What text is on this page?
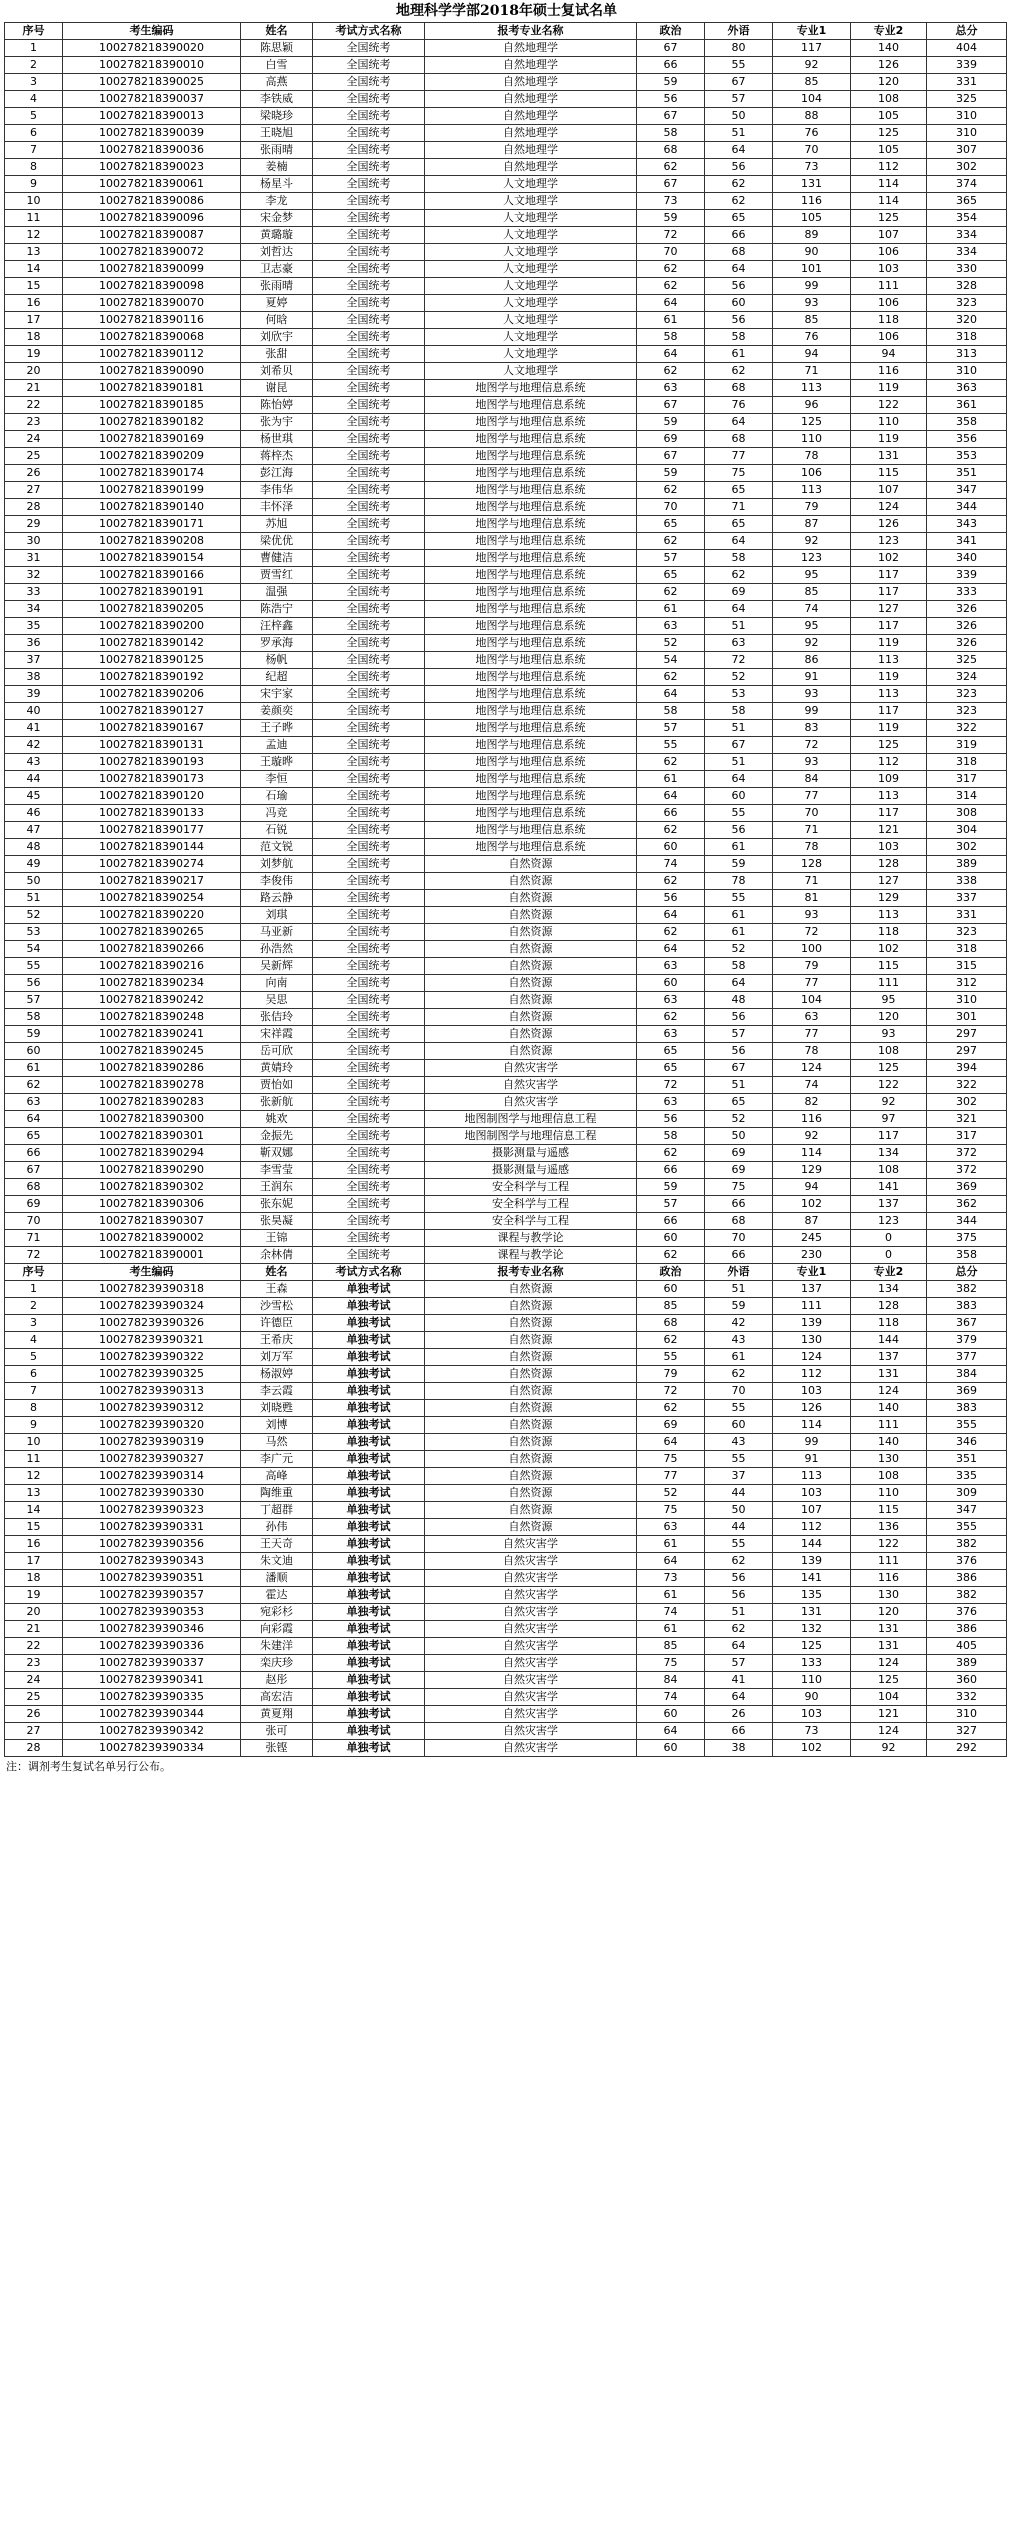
地理科学学部2018年硕士复试名单
序号	考生编码	姓名	考试方式名称	报考专业名称	政治	外语	专业1	专业2	总分
1	100278218390020	陈思颖	全国统考	自然地理学	67	80	117	140	404
2	100278218390010	白雪	全国统考	自然地理学	66	55	92	126	339
3	100278218390025	高燕	全国统考	自然地理学	59	67	85	120	331
4	100278218390037	李铁威	全国统考	自然地理学	56	57	104	108	325
5	100278218390013	梁晓珍	全国统考	自然地理学	67	50	88	105	310
6	100278218390039	王晓旭	全国统考	自然地理学	58	51	76	125	310
7	100278218390036	张雨晴	全国统考	自然地理学	68	64	70	105	307
8	100278218390023	姜楠	全国统考	自然地理学	62	56	73	112	302
9	100278218390061	杨星斗	全国统考	人文地理学	67	62	131	114	374
10	100278218390086	李龙	全国统考	人文地理学	73	62	116	114	365
11	100278218390096	宋金梦	全国统考	人文地理学	59	65	105	125	354
12	100278218390087	黄璐璇	全国统考	人文地理学	72	66	89	107	334
13	100278218390072	刘哲达	全国统考	人文地理学	70	68	90	106	334
14	100278218390099	卫志豪	全国统考	人文地理学	62	64	101	103	330
15	100278218390098	张雨晴	全国统考	人文地理学	62	56	99	111	328
16	100278218390070	夏婷	全国统考	人文地理学	64	60	93	106	323
17	100278218390116	何晗	全国统考	人文地理学	61	56	85	118	320
18	100278218390068	刘欣宇	全国统考	人文地理学	58	58	76	106	318
19	100278218390112	张甜	全国统考	人文地理学	64	61	94	94	313
20	100278218390090	刘希贝	全国统考	人文地理学	62	62	71	116	310
21	100278218390181	谢昆	全国统考	地图学与地理信息系统	63	68	113	119	363
22	100278218390185	陈怡婷	全国统考	地图学与地理信息系统	67	76	96	122	361
23	100278218390182	张为宇	全国统考	地图学与地理信息系统	59	64	125	110	358
24	100278218390169	杨世琪	全国统考	地图学与地理信息系统	69	68	110	119	356
25	100278218390209	蒋梓杰	全国统考	地图学与地理信息系统	67	77	78	131	353
26	100278218390174	彭江海	全国统考	地图学与地理信息系统	59	75	106	115	351
27	100278218390199	李伟华	全国统考	地图学与地理信息系统	62	65	113	107	347
28	100278218390140	丰怀泽	全国统考	地图学与地理信息系统	70	71	79	124	344
29	100278218390171	苏旭	全国统考	地图学与地理信息系统	65	65	87	126	343
30	100278218390208	梁优优	全国统考	地图学与地理信息系统	62	64	92	123	341
31	100278218390154	曹健洁	全国统考	地图学与地理信息系统	57	58	123	102	340
32	100278218390166	贾雪红	全国统考	地图学与地理信息系统	65	62	95	117	339
33	100278218390191	温强	全国统考	地图学与地理信息系统	62	69	85	117	333
34	100278218390205	陈浩宁	全国统考	地图学与地理信息系统	61	64	74	127	326
35	100278218390200	汪梓鑫	全国统考	地图学与地理信息系统	63	51	95	117	326
36	100278218390142	罗承海	全国统考	地图学与地理信息系统	52	63	92	119	326
37	100278218390125	杨帆	全国统考	地图学与地理信息系统	54	72	86	113	325
38	100278218390192	纪超	全国统考	地图学与地理信息系统	62	52	91	119	324
39	100278218390206	宋宇家	全国统考	地图学与地理信息系统	64	53	93	113	323
40	100278218390127	姜颜奕	全国统考	地图学与地理信息系统	58	58	99	117	323
41	100278218390167	王子晔	全国统考	地图学与地理信息系统	57	51	83	119	322
42	100278218390131	孟迪	全国统考	地图学与地理信息系统	55	67	72	125	319
43	100278218390193	王璇晔	全国统考	地图学与地理信息系统	62	51	93	112	318
44	100278218390173	李恒	全国统考	地图学与地理信息系统	61	64	84	109	317
45	100278218390120	石瑜	全国统考	地图学与地理信息系统	64	60	77	113	314
46	100278218390133	冯竞	全国统考	地图学与地理信息系统	66	55	70	117	308
47	100278218390177	石锐	全国统考	地图学与地理信息系统	62	56	71	121	304
48	100278218390144	范文锐	全国统考	地图学与地理信息系统	60	61	78	103	302
49	100278218390274	刘梦航	全国统考	自然资源	74	59	128	128	389
50	100278218390217	李俊伟	全国统考	自然资源	62	78	71	127	338
51	100278218390254	路云静	全国统考	自然资源	56	55	81	129	337
52	100278218390220	刘琪	全国统考	自然资源	64	61	93	113	331
53	100278218390265	马亚新	全国统考	自然资源	62	61	72	118	323
54	100278218390266	孙浩然	全国统考	自然资源	64	52	100	102	318
55	100278218390216	吴新辉	全国统考	自然资源	63	58	79	115	315
56	100278218390234	向南	全国统考	自然资源	60	64	77	111	312
57	100278218390242	吴思	全国统考	自然资源	63	48	104	95	310
58	100278218390248	张佶玲	全国统考	自然资源	62	56	63	120	301
59	100278218390241	宋祥霞	全国统考	自然资源	63	57	77	93	297
60	100278218390245	岳可欣	全国统考	自然资源	65	56	78	108	297
61	100278218390286	黄婧玲	全国统考	自然灾害学	65	67	124	125	394
62	100278218390278	贾怡如	全国统考	自然灾害学	72	51	74	122	322
63	100278218390283	张新航	全国统考	自然灾害学	63	65	82	92	302
64	100278218390300	姚欢	全国统考	地图制图学与地理信息工程	56	52	116	97	321
65	100278218390301	金振先	全国统考	地图制图学与地理信息工程	58	50	92	117	317
66	100278218390294	靳双娜	全国统考	摄影测量与遥感	62	69	114	134	372
67	100278218390290	李雪莹	全国统考	摄影测量与遥感	66	69	129	108	372
68	100278218390302	王润东	全国统考	安全科学与工程	59	75	94	141	369
69	100278218390306	张东妮	全国统考	安全科学与工程	57	66	102	137	362
70	100278218390307	张昊凝	全国统考	安全科学与工程	66	68	87	123	344
71	100278218390002	王锦	全国统考	课程与教学论	60	70	245	0	375
72	100278218390001	余林倩	全国统考	课程与教学论	62	66	230	0	358
序号	考生编码	姓名	考试方式名称	报考专业名称	政治	外语	专业1	专业2	总分
1	100278239390318	王森	单独考试	自然资源	60	51	137	134	382
2	100278239390324	沙雪松	单独考试	自然资源	85	59	111	128	383
3	100278239390326	许德臣	单独考试	自然资源	68	42	139	118	367
4	100278239390321	王希庆	单独考试	自然资源	62	43	130	144	379
5	100278239390322	刘万军	单独考试	自然资源	55	61	124	137	377
6	100278239390325	杨淑婷	单独考试	自然资源	79	62	112	131	384
7	100278239390313	李云霞	单独考试	自然资源	72	70	103	124	369
8	100278239390312	刘晓甦	单独考试	自然资源	62	55	126	140	383
9	100278239390320	刘博	单独考试	自然资源	69	60	114	111	355
10	100278239390319	马然	单独考试	自然资源	64	43	99	140	346
11	100278239390327	李广元	单独考试	自然资源	75	55	91	130	351
12	100278239390314	高峰	单独考试	自然资源	77	37	113	108	335
13	100278239390330	陶维重	单独考试	自然资源	52	44	103	110	309
14	100278239390323	丁超群	单独考试	自然资源	75	50	107	115	347
15	100278239390331	孙伟	单独考试	自然资源	63	44	112	136	355
16	100278239390356	王天奇	单独考试	自然灾害学	61	55	144	122	382
17	100278239390343	朱文迪	单独考试	自然灾害学	64	62	139	111	376
18	100278239390351	潘顺	单独考试	自然灾害学	73	56	141	116	386
19	100278239390357	霍达	单独考试	自然灾害学	61	56	135	130	382
20	100278239390353	宛彩杉	单独考试	自然灾害学	74	51	131	120	376
21	100278239390346	向彩霞	单独考试	自然灾害学	61	62	132	131	386
22	100278239390336	朱建洋	单独考试	自然灾害学	85	64	125	131	405
23	100278239390337	栾庆珍	单独考试	自然灾害学	75	57	133	124	389
24	100278239390341	赵彤	单独考试	自然灾害学	84	41	110	125	360
25	100278239390335	高宏洁	单独考试	自然灾害学	74	64	90	104	332
26	100278239390344	黄夏翔	单独考试	自然灾害学	60	26	103	121	310
27	100278239390342	张可	单独考试	自然灾害学	64	66	73	124	327
28	100278239390334	张铿	单独考试	自然灾害学	60	38	102	92	292
注：调剂考生复试名单另行公布。
